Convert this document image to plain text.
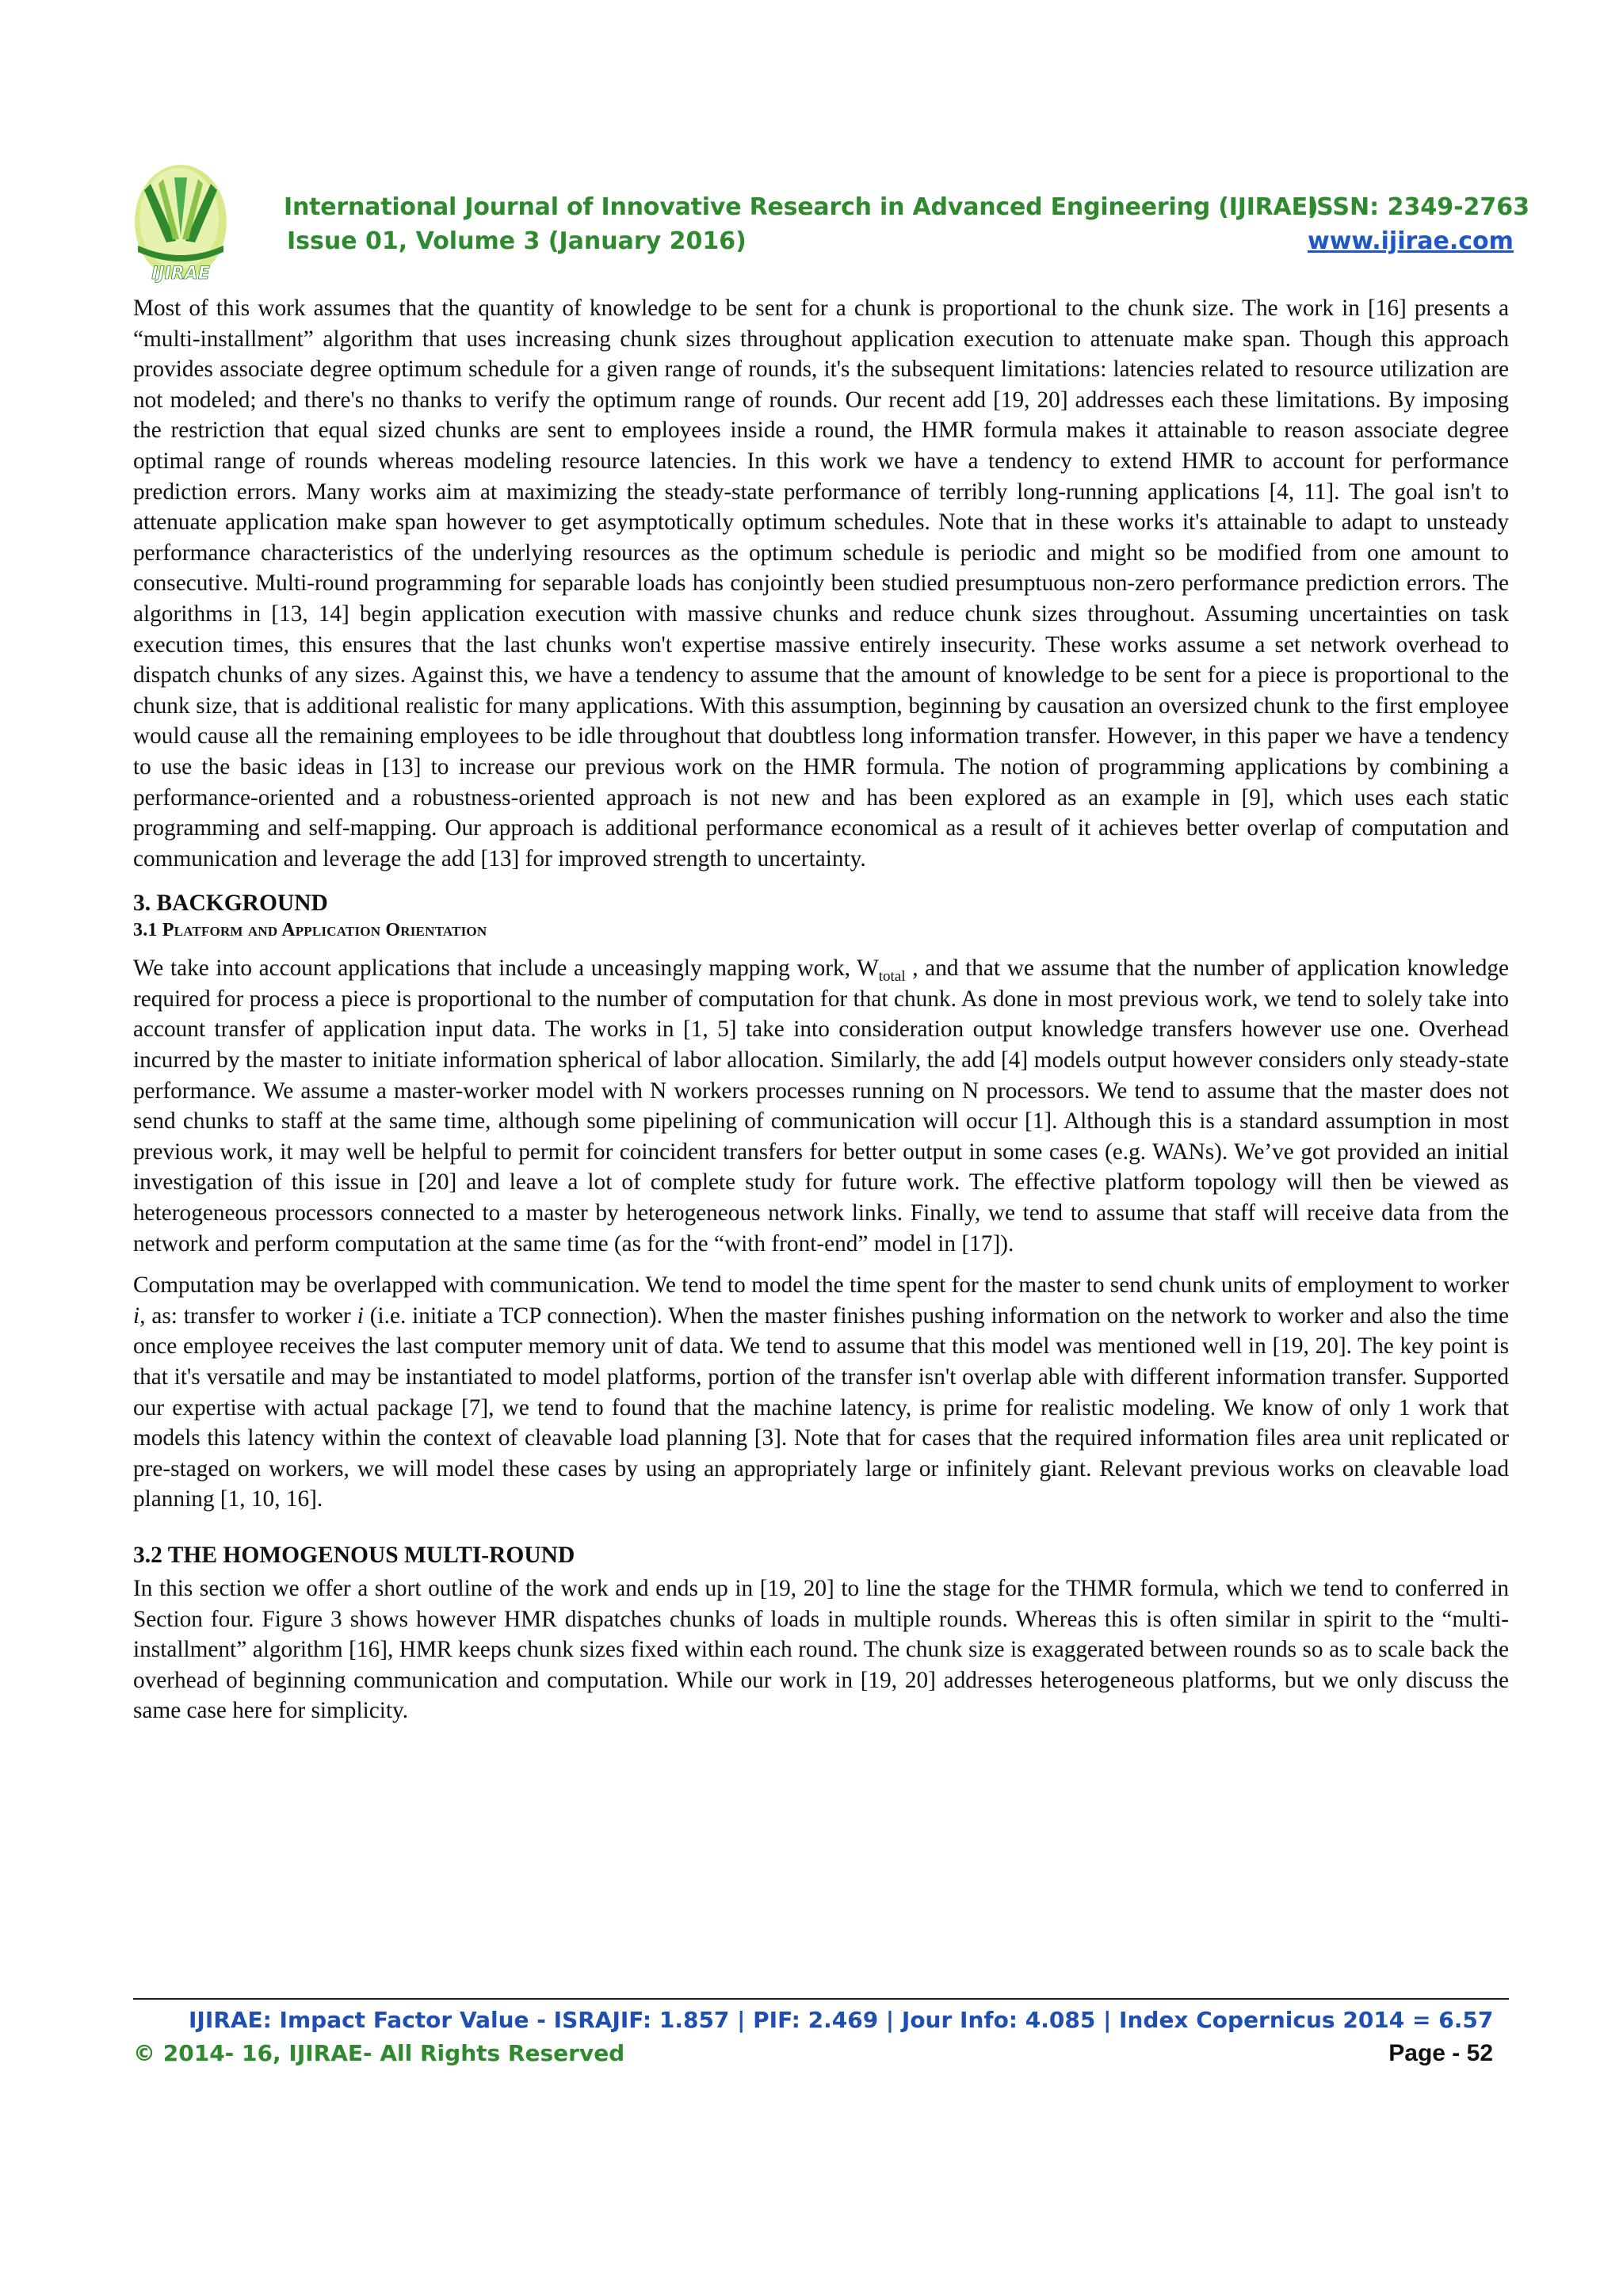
IJIRAE
International Journal of Innovative Research in Advanced Engineering (IJIRAE)
Issue 01, Volume 3 (January 2016)
ISSN: 2349-2763
www.ijirae.com

Most of this work assumes that the quantity of knowledge to be sent for a chunk is proportional to the chunk size. The work in [16] presents a “multi-installment” algorithm that uses increasing chunk sizes throughout application execution to attenuate make span. Though this approach provides associate degree optimum schedule for a given range of rounds, it's the subsequent limitations: latencies related to resource utilization are not modeled; and there's no thanks to verify the optimum range of rounds. Our recent add [19, 20] addresses each these limitations. By imposing the restriction that equal sized chunks are sent to employees inside a round, the HMR formula makes it attainable to reason associate degree optimal range of rounds whereas modeling resource latencies. In this work we have a tendency to extend HMR to account for performance prediction errors. Many works aim at maximizing the steady-state performance of terribly long-running applications [4, 11]. The goal isn't to attenuate application make span however to get asymptotically optimum schedules. Note that in these works it's attainable to adapt to unsteady performance characteristics of the underlying resources as the optimum schedule is periodic and might so be modified from one amount to consecutive. Multi-round programming for separable loads has conjointly been studied presumptuous non-zero performance prediction errors. The algorithms in [13, 14] begin application execution with massive chunks and reduce chunk sizes throughout. Assuming uncertainties on task execution times, this ensures that the last chunks won't expertise massive entirely insecurity. These works assume a set network overhead to dispatch chunks of any sizes. Against this, we have a tendency to assume that the amount of knowledge to be sent for a piece is proportional to the chunk size, that is additional realistic for many applications. With this assumption, beginning by causation an oversized chunk to the first employee would cause all the remaining employees to be idle throughout that doubtless long information transfer. However, in this paper we have a tendency to use the basic ideas in [13] to increase our previous work on the HMR formula. The notion of programming applications by combining a performance-oriented and a robustness-oriented approach is not new and has been explored as an example in [9], which uses each static programming and self-mapping. Our approach is additional performance economical as a result of it achieves better overlap of computation and communication and leverage the add [13] for improved strength to uncertainty.

3. BACKGROUND
3.1 Platform and Application Orientation

We take into account applications that include a unceasingly mapping work, $W_{total}$ , and that we assume that the number of application knowledge required for process a piece is proportional to the number of computation for that chunk. As done in most previous work, we tend to solely take into account transfer of application input data. The works in [1, 5] take into consideration output knowledge transfers however use one. Overhead incurred by the master to initiate information spherical of labor allocation. Similarly, the add [4] models output however considers only steady-state performance. We assume a master-worker model with N workers processes running on N processors. We tend to assume that the master does not send chunks to staff at the same time, although some pipelining of communication will occur [1]. Although this is a standard assumption in most previous work, it may well be helpful to permit for coincident transfers for better output in some cases (e.g. WANs). We’ve got provided an initial investigation of this issue in [20] and leave a lot of complete study for future work. The effective platform topology will then be viewed as heterogeneous processors connected to a master by heterogeneous network links. Finally, we tend to assume that staff will receive data from the network and perform computation at the same time (as for the “with front-end” model in [17]).

Computation may be overlapped with communication. We tend to model the time spent for the master to send chunk units of employment to worker i, as: transfer to worker i (i.e. initiate a TCP connection). When the master finishes pushing information on the network to worker and also the time once employee receives the last computer memory unit of data. We tend to assume that this model was mentioned well in [19, 20]. The key point is that it's versatile and may be instantiated to model platforms, portion of the transfer isn't overlap able with different information transfer. Supported our expertise with actual package [7], we tend to found that the machine latency, is prime for realistic modeling. We know of only 1 work that models this latency within the context of cleavable load planning [3]. Note that for cases that the required information files area unit replicated or pre-staged on workers, we will model these cases by using an appropriately large or infinitely giant. Relevant previous works on cleavable load planning [1, 10, 16].

3.2 THE HOMOGENOUS MULTI-ROUND

In this section we offer a short outline of the work and ends up in [19, 20] to line the stage for the THMR formula, which we tend to conferred in Section four. Figure 3 shows however HMR dispatches chunks of loads in multiple rounds. Whereas this is often similar in spirit to the “multi-installment” algorithm [16], HMR keeps chunk sizes fixed within each round. The chunk size is exaggerated between rounds so as to scale back the overhead of beginning communication and computation. While our work in [19, 20] addresses heterogeneous platforms, but we only discuss the same case here for simplicity.

IJIRAE: Impact Factor Value - ISRAJIF: 1.857 | PIF: 2.469 | Jour Info: 4.085 | Index Copernicus 2014 = 6.57
© 2014- 16, IJIRAE- All Rights Reserved	Page - 52
